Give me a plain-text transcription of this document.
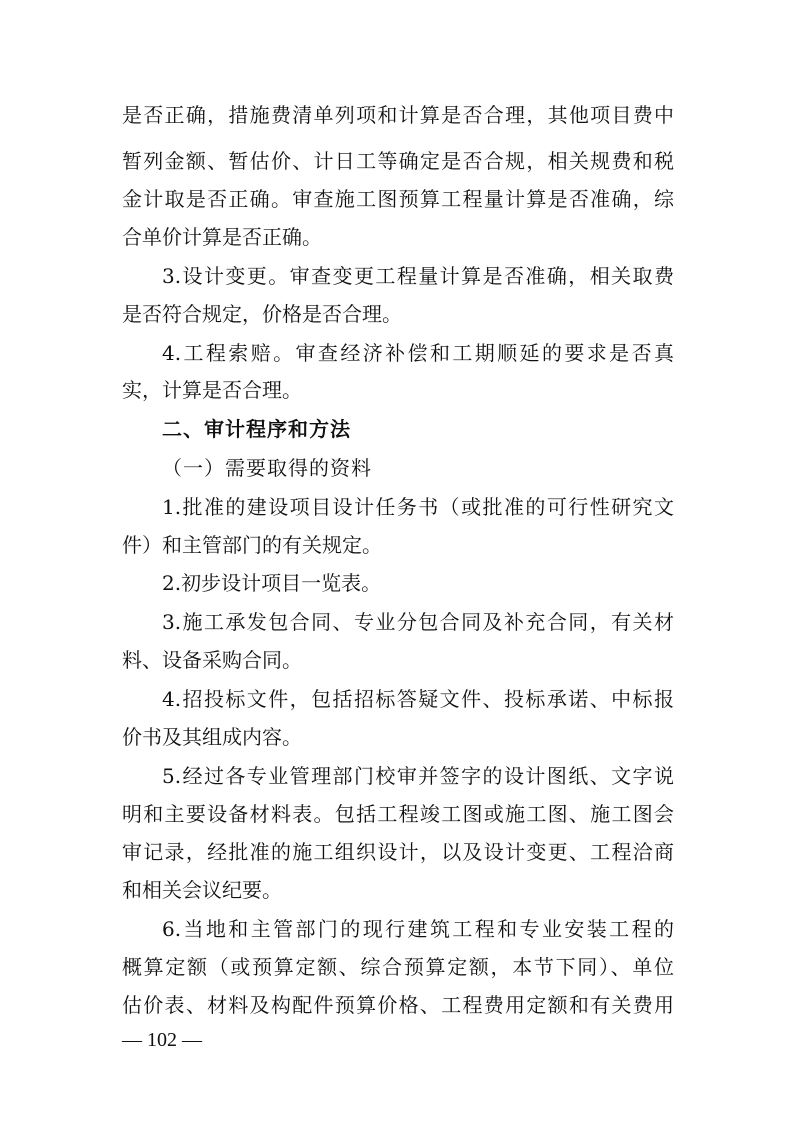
是否正确，措施费清单列项和计算是否合理，其他项目费中
暂列金额、暂估价、计日工等确定是否合规，相关规费和税
金计取是否正确。审查施工图预算工程量计算是否准确，综
合单价计算是否正确。
3.设计变更。审查变更工程量计算是否准确，相关取费
是否符合规定，价格是否合理。
4.工程索赔。审查经济补偿和工期顺延的要求是否真
实，计算是否合理。
二、审计程序和方法
（一）需要取得的资料
1.批准的建设项目设计任务书（或批准的可行性研究文
件）和主管部门的有关规定。
2.初步设计项目一览表。
3.施工承发包合同、专业分包合同及补充合同，有关材
料、设备采购合同。
4.招投标文件，包括招标答疑文件、投标承诺、中标报
价书及其组成内容。
5.经过各专业管理部门校审并签字的设计图纸、文字说
明和主要设备材料表。包括工程竣工图或施工图、施工图会
审记录，经批准的施工组织设计，以及设计变更、工程洽商
和相关会议纪要。
6.当地和主管部门的现行建筑工程和专业安装工程的
概算定额（或预算定额、综合预算定额，本节下同）、单位
估价表、材料及构配件预算价格、工程费用定额和有关费用
— 102 —
